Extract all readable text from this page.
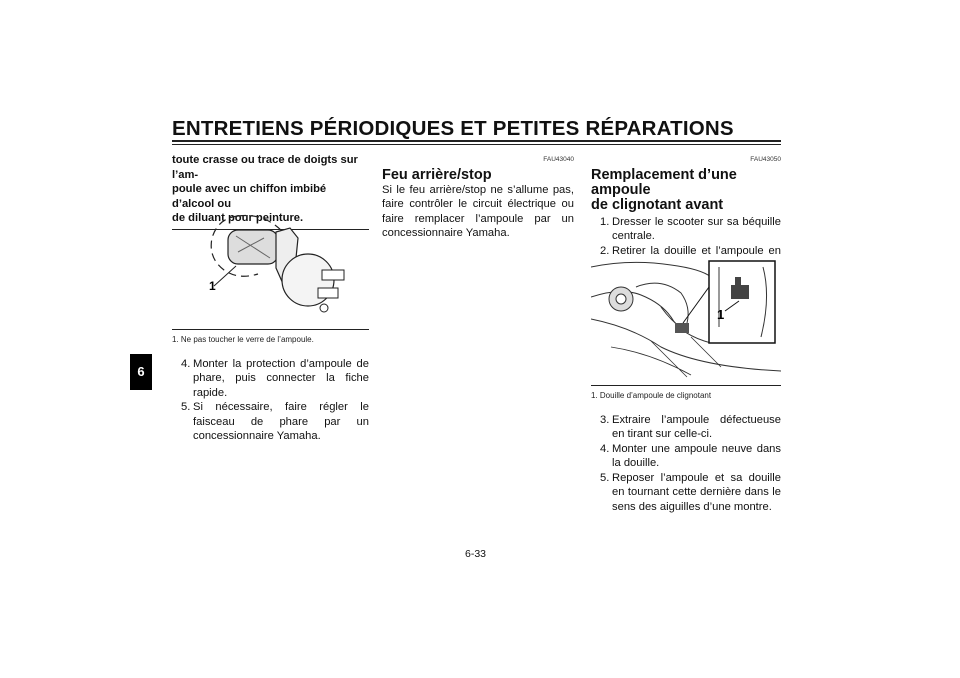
ENTRETIENS PÉRIODIQUES ET PETITES RÉPARATIONS
6
toute crasse ou trace de doigts sur l’am-
poule avec un chiffon imbibé d’alcool ou
de diluant pour peinture.
1
1. Ne pas toucher le verre de l’ampoule.
4. Monter la protection d’ampoule de phare, puis connecter la fiche rapide.
5. Si nécessaire, faire régler le faisceau de phare par un concessionnaire Yamaha.
FAU43040
Feu arrière/stop
Si le feu arrière/stop ne s’allume pas, faire contrôler le circuit électrique ou faire remplacer l’ampoule par un concessionnaire Yamaha.
FAU43050
Remplacement d’une ampoule
de clignotant avant
1. Dresser le scooter sur sa béquille centrale.
2. Retirer la douille et l’ampoule en
1
1. Douille d’ampoule de clignotant
3. Extraire l’ampoule défectueuse en tirant sur celle-ci.
4. Monter une ampoule neuve dans la douille.
5. Reposer l’ampoule et sa douille en tournant cette dernière dans le sens des aiguilles d’une montre.
6-33
